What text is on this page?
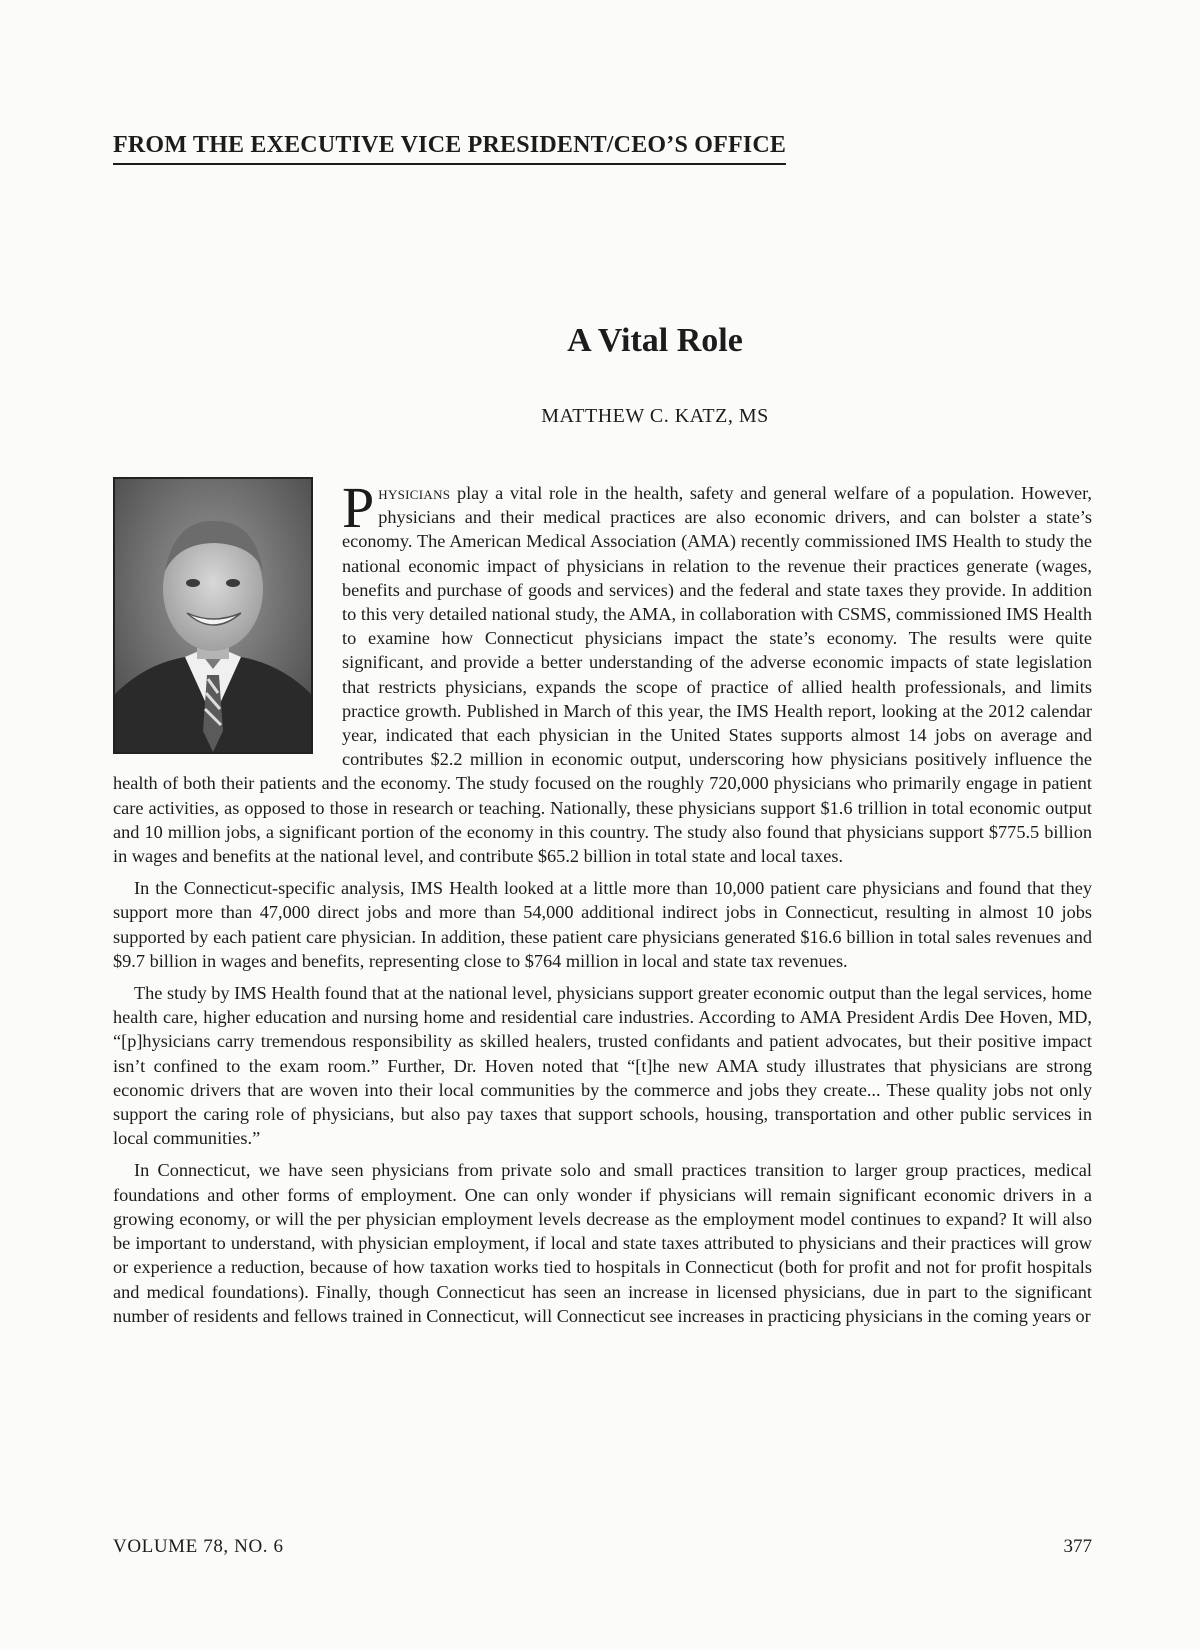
FROM THE EXECUTIVE VICE PRESIDENT/CEO’S OFFICE
A Vital Role
MATTHEW C. KATZ, MS

Physicians play a vital role in the health, safety and general welfare of a population. However, physicians and their medical practices are also economic drivers, and can bolster a state’s economy. The American Medical Association (AMA) recently commissioned IMS Health to study the national economic impact of physicians in relation to the revenue their practices generate (wages, benefits and purchase of goods and services) and the federal and state taxes they provide. In addition to this very detailed national study, the AMA, in collaboration with CSMS, commissioned IMS Health to examine how Connecticut physicians impact the state’s economy. The results were quite significant, and provide a better understanding of the adverse economic impacts of state legislation that restricts physicians, expands the scope of practice of allied health professionals, and limits practice growth. Published in March of this year, the IMS Health report, looking at the 2012 calendar year, indicated that each physician in the United States supports almost 14 jobs on average and contributes $2.2 million in economic output, underscoring how physicians positively influence the health of both their patients and the economy. The study focused on the roughly 720,000 physicians who primarily engage in patient care activities, as opposed to those in research or teaching. Nationally, these physicians support $1.6 trillion in total economic output and 10 million jobs, a significant portion of the economy in this country. The study also found that physicians support $775.5 billion in wages and benefits at the national level, and contribute $65.2 billion in total state and local taxes.

In the Connecticut-specific analysis, IMS Health looked at a little more than 10,000 patient care physicians and found that they support more than 47,000 direct jobs and more than 54,000 additional indirect jobs in Connecticut, resulting in almost 10 jobs supported by each patient care physician. In addition, these patient care physicians generated $16.6 billion in total sales revenues and $9.7 billion in wages and benefits, representing close to $764 million in local and state tax revenues.

The study by IMS Health found that at the national level, physicians support greater economic output than the legal services, home health care, higher education and nursing home and residential care industries. According to AMA President Ardis Dee Hoven, MD, “[p]hysicians carry tremendous responsibility as skilled healers, trusted confidants and patient advocates, but their positive impact isn’t confined to the exam room.” Further, Dr. Hoven noted that “[t]he new AMA study illustrates that physicians are strong economic drivers that are woven into their local communities by the commerce and jobs they create... These quality jobs not only support the caring role of physicians, but also pay taxes that support schools, housing, transportation and other public services in local communities.”

In Connecticut, we have seen physicians from private solo and small practices transition to larger group practices, medical foundations and other forms of employment. One can only wonder if physicians will remain significant economic drivers in a growing economy, or will the per physician employment levels decrease as the employment model continues to expand? It will also be important to understand, with physician employment, if local and state taxes attributed to physicians and their practices will grow or experience a reduction, because of how taxation works tied to hospitals in Connecticut (both for profit and not for profit hospitals and medical foundations). Finally, though Connecticut has seen an increase in licensed physicians, due in part to the significant number of residents and fellows trained in Connecticut, will Connecticut see increases in practicing physicians in the coming years or

VOLUME 78, NO. 6	377
